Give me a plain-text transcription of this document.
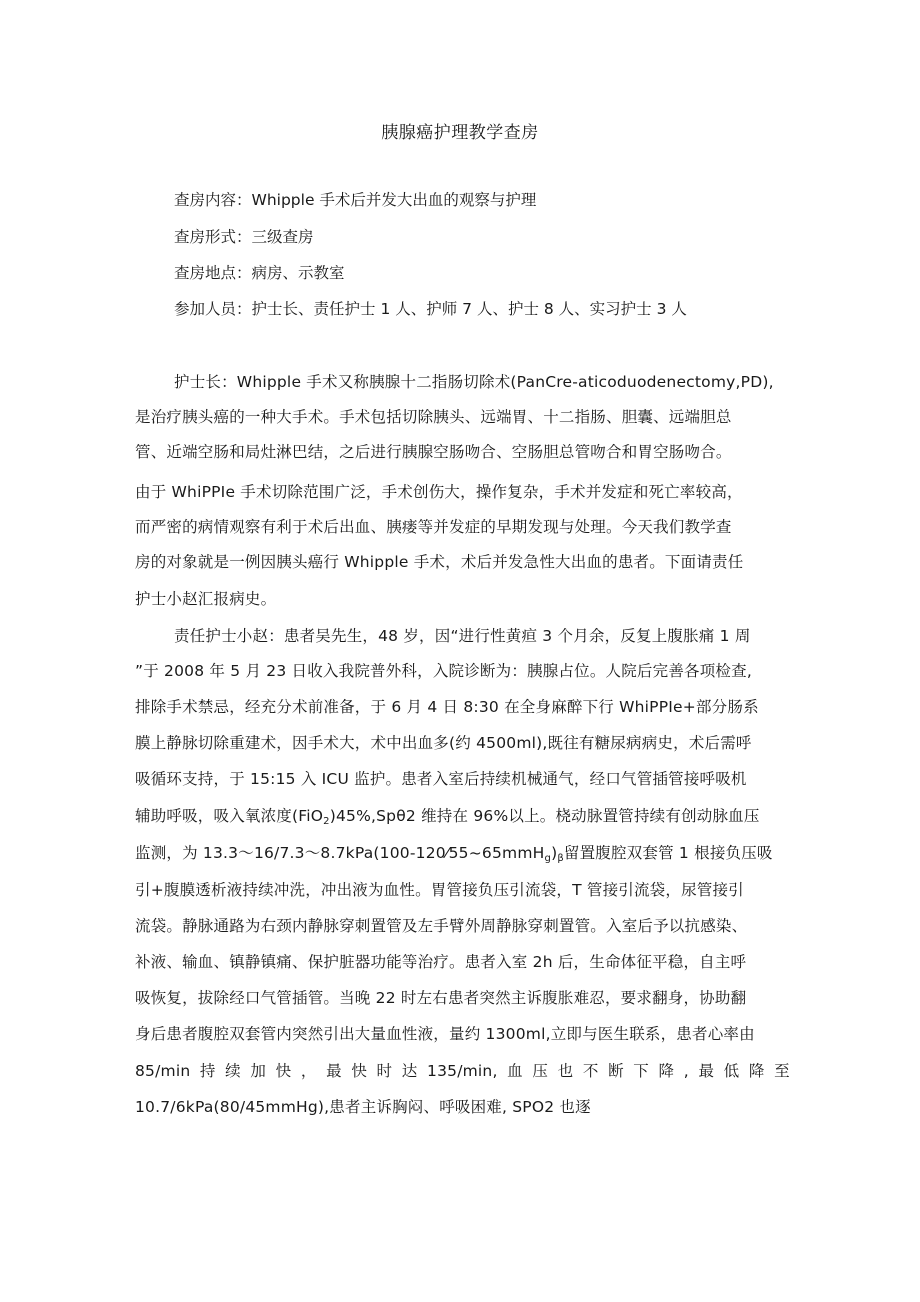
胰腺癌护理教学查房
查房内容：Whipple 手术后并发大出血的观察与护理
查房形式：三级查房
查房地点：病房、示教室
参加人员：护士长、责任护士 1 人、护师 7 人、护士 8 人、实习护士 3 人
护士长：Whipple 手术又称胰腺十二指肠切除术(PanCre-aticoduodenectomy,PD),
是治疗胰头癌的一种大手术。手术包括切除胰头、远端胃、十二指肠、胆囊、远端胆总
管、近端空肠和局灶淋巴结，之后进行胰腺空肠吻合、空肠胆总管吻合和胃空肠吻合。
由于 WhiPPIe 手术切除范围广泛，手术创伤大，操作复杂，手术并发症和死亡率较高，
而严密的病情观察有利于术后出血、胰瘘等并发症的早期发现与处理。今天我们教学查
房的对象就是一例因胰头癌行 Whipple 手术，术后并发急性大出血的患者。下面请责任
护士小赵汇报病史。
责任护士小赵：患者吴先生，48 岁，因“进行性黄疸 3 个月余，反复上腹胀痛 1 周
”于 2008 年 5 月 23 日收入我院普外科，入院诊断为：胰腺占位。人院后完善各项检查,
排除手术禁忌，经充分术前准备，于 6 月 4 日 8:30 在全身麻醉下行 WhiPPIe+部分肠系
膜上静脉切除重建术，因手术大，术中出血多(约 4500ml),既往有糖尿病病史，术后需呼
吸循环支持，于 15:15 入 ICU 监护。患者入室后持续机械通气，经口气管插管接呼吸机
辅助呼吸，吸入氧浓度(FiO$_2$)45%,Spθ2 维持在 96%以上。桡动脉置管持续有创动脉血压
监测，为 $13.3\sim 16/7.3\sim 8.7kPa(100-120⁄55\sim 65mmH_g)_\beta$留置腹腔双套管 1 根接负压吸
引+腹膜透析液持续冲洗，冲出液为血性。胃管接负压引流袋，T 管接引流袋，尿管接引
流袋。静脉通路为右颈内静脉穿刺置管及左手臂外周静脉穿刺置管。入室后予以抗感染、
补液、输血、镇静镇痛、保护脏器功能等治疗。患者入室 2h 后，生命体征平稳，自主呼
吸恢复，拔除经口气管插管。当晚 22 时左右患者突然主诉腹胀难忍，要求翻身，协助翻
身后患者腹腔双套管内突然引出大量血性液，量约 1300ml,立即与医生联系，患者心率由
85/min 持 续 加 快 ， 最 快 时 达 135/min, 血 压 也 不 断 下 降 , 最 低 降 至
10.7/6kPa(80/45mmHg),患者主诉胸闷、呼吸困难, SPO2 也逐
